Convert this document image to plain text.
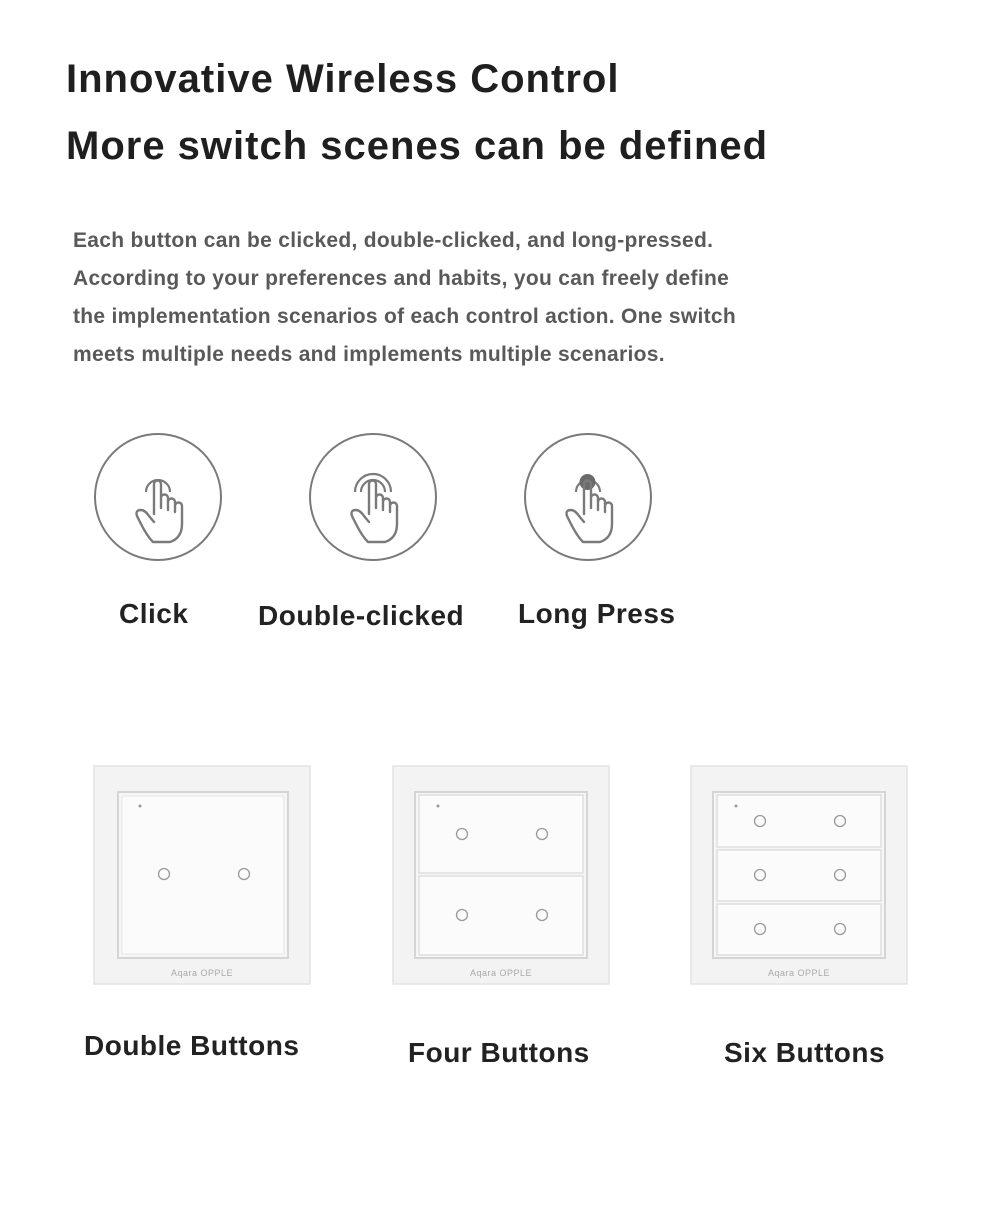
Innovative Wireless Control
More switch scenes can be defined
Each button can be clicked, double-clicked, and long-pressed.
According to your preferences and habits, you can freely define
the implementation scenarios of each control action. One switch
meets multiple needs and implements multiple scenarios.
Click Double-clicked Long Press
Aqara OPPLE	Aqara OPPLE	Aqara OPPLE
Double Buttons	Four Buttons	Six Buttons
